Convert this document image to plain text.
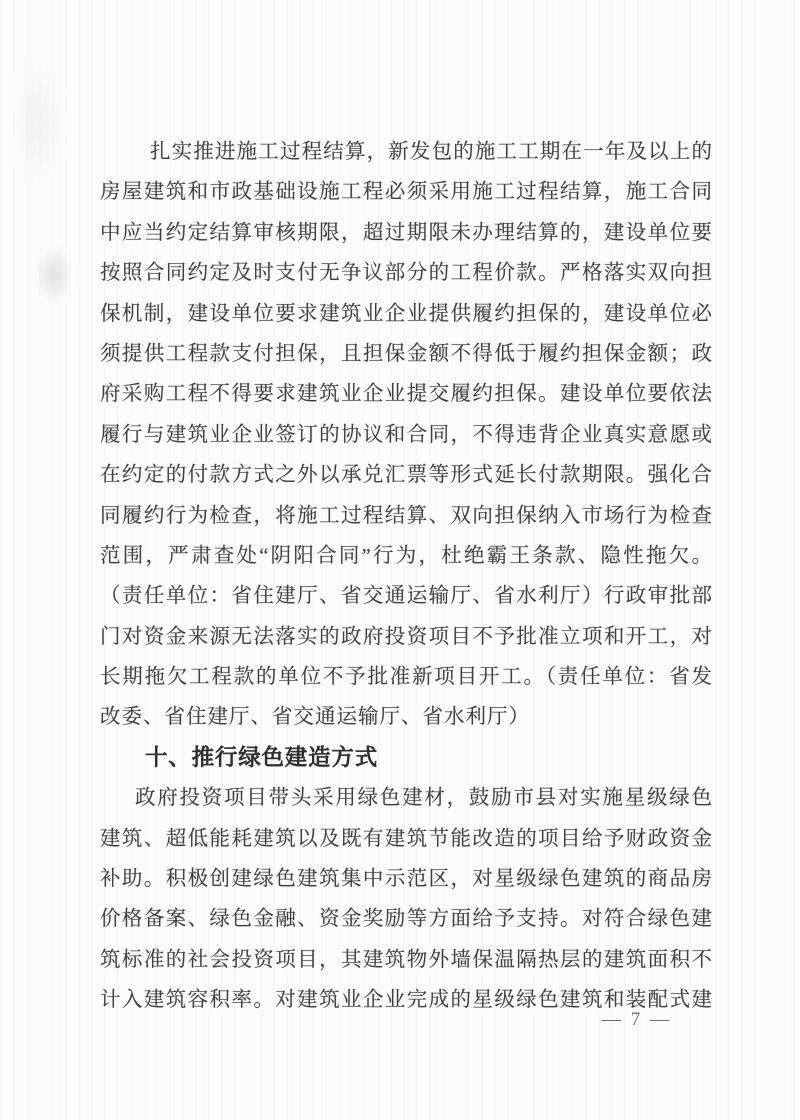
扎实推进施工过程结算，新发包的施工工期在一年及以上的

房屋建筑和市政基础设施工程必须采用施工过程结算，施工合同

中应当约定结算审核期限，超过期限未办理结算的，建设单位要

按照合同约定及时支付无争议部分的工程价款。严格落实双向担

保机制，建设单位要求建筑业企业提供履约担保的，建设单位必

须提供工程款支付担保，且担保金额不得低于履约担保金额；政

府采购工程不得要求建筑业企业提交履约担保。建设单位要依法

履行与建筑业企业签订的协议和合同，不得违背企业真实意愿或

在约定的付款方式之外以承兑汇票等形式延长付款期限。强化合

同履约行为检查，将施工过程结算、双向担保纳入市场行为检查

范围，严肃查处“阴阳合同”行为，杜绝霸王条款、隐性拖欠。

（责任单位：省住建厅、省交通运输厅、省水利厅）行政审批部

门对资金来源无法落实的政府投资项目不予批准立项和开工，对

长期拖欠工程款的单位不予批准新项目开工。（责任单位：省发

改委、省住建厅、省交通运输厅、省水利厅）

十、推行绿色建造方式

政府投资项目带头采用绿色建材，鼓励市县对实施星级绿色

建筑、超低能耗建筑以及既有建筑节能改造的项目给予财政资金

补助。积极创建绿色建筑集中示范区，对星级绿色建筑的商品房

价格备案、绿色金融、资金奖励等方面给予支持。对符合绿色建

筑标准的社会投资项目，其建筑物外墙保温隔热层的建筑面积不

计入建筑容积率。对建筑业企业完成的星级绿色建筑和装配式建

— 7 —
